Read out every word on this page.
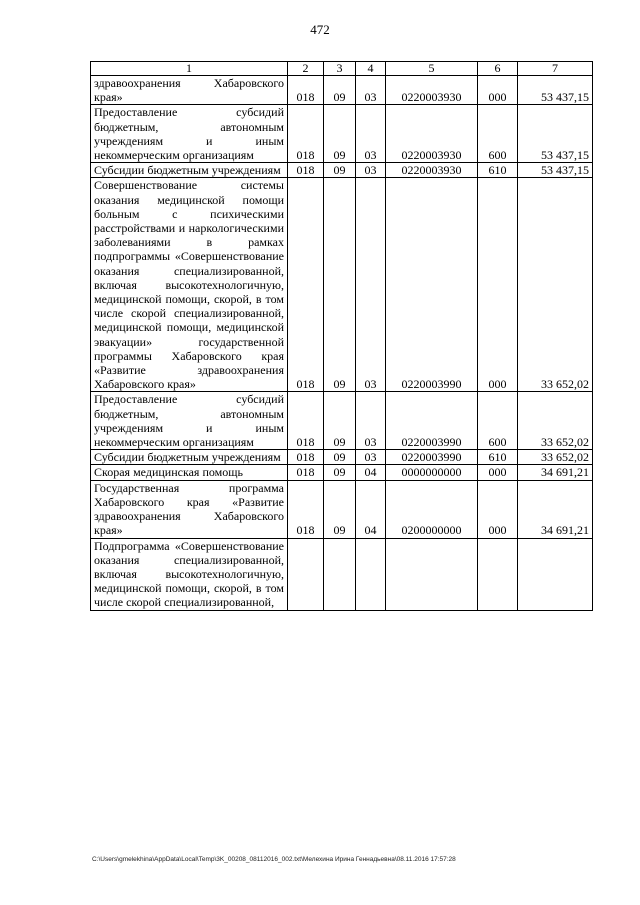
472
1	2	3	4	5	6	7
здравоохранения Хабаровского края»	018	09	03	0220003930	000	53 437,15
Предоставление субсидий бюджетным, автономным учреждениям и иным некоммерческим организациям	018	09	03	0220003930	600	53 437,15
Субсидии бюджетным учреждениям	018	09	03	0220003930	610	53 437,15
Совершенствование системы оказания медицинской помощи больным с психическими расстройствами и наркологическими заболеваниями в рамках подпрограммы «Совершенствование оказания специализированной, включая высокотехнологичную, медицинской помощи, скорой, в том числе скорой специализированной, медицинской помощи, медицинской эвакуации» государственной программы Хабаровского края «Развитие здравоохранения Хабаровского края»	018	09	03	0220003990	000	33 652,02
Предоставление субсидий бюджетным, автономным учреждениям и иным некоммерческим организациям	018	09	03	0220003990	600	33 652,02
Субсидии бюджетным учреждениям	018	09	03	0220003990	610	33 652,02
Скорая медицинская помощь	018	09	04	0000000000	000	34 691,21
Государственная программа Хабаровского края «Развитие здравоохранения Хабаровского края»	018	09	04	0200000000	000	34 691,21
Подпрограмма «Совершенствование оказания специализированной, включая высокотехнологичную, медицинской помощи, скорой, в том числе скорой специализированной,						
C:\Users\gmelekhina\AppData\Local\Temp\3K_00208_08112016_002.txt\Мелехина Ирина Геннадьевна\08.11.2016 17:57:28
